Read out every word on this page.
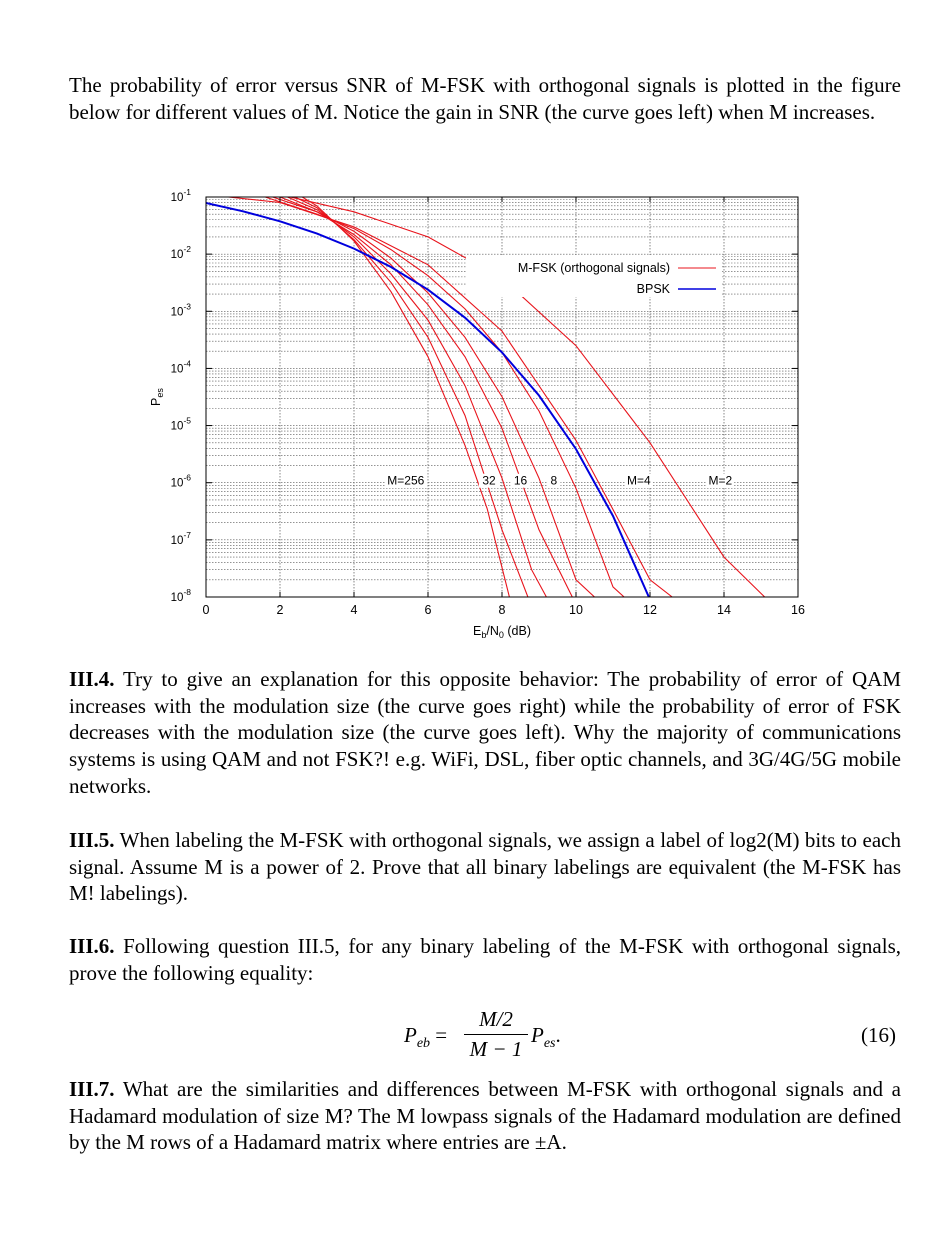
The probability of error versus SNR of M-FSK with orthogonal signals is plotted in the figure below for different values of M. Notice the gain in SNR (the curve goes left) when M increases.

0	2	4	6	8	10	12	14	16
$10^{-1}$
$10^{-2}$
$10^{-3}$
$10^{-4}$
$10^{-5}$
$10^{-6}$
$10^{-7}$
$10^{-8}$
M=256	32 16 8	M=4	M=2
M-FSK (orthogonal signals)
BPSK
$E_b/N_0$ (dB)
$P_{es}$

III.4. Try to give an explanation for this opposite behavior: The probability of error of QAM increases with the modulation size (the curve goes right) while the probability of error of FSK decreases with the modulation size (the curve goes left). Why the majority of communications systems is using QAM and not FSK?! e.g. WiFi, DSL, fiber optic channels, and 3G/4G/5G mobile networks.

III.5. When labeling the M-FSK with orthogonal signals, we assign a label of log2(M) bits to each signal. Assume M is a power of 2. Prove that all binary labelings are equivalent (the M-FSK has M! labelings).

III.6. Following question III.5, for any binary labeling of the M-FSK with orthogonal signals, prove the following equality:

$P_{eb}$ =
M/2
M − 1
$P_{es}$.	(16)

III.7. What are the similarities and differences between M-FSK with orthogonal signals and a Hadamard modulation of size M? The M lowpass signals of the Hadamard modulation are defined by the M rows of a Hadamard matrix where entries are ±A.
